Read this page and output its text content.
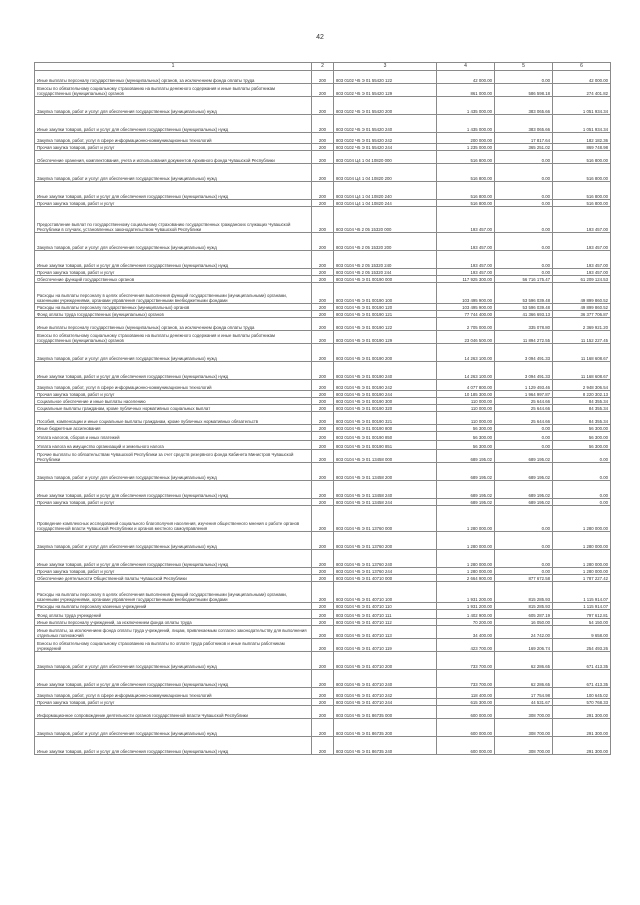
42
1	2	3	4	5	6
Иные выплаты персоналу государственных (муниципальных) органов, за исключением фонда оплаты труда	200	803 0102 Ч5 Э 01 55420 122	42 000.00	0.00	42 000.00
Взносы по обязательному социальному страхованию на выплаты денежного содержания и иные выплаты работникам государственных (муниципальных) органов	200	803 0102 Ч5 Э 01 55420 129	861 000.00	586 598.18	274 401.82
Закупка товаров, работ и услуг для обеспечения государственных (муниципальных) нужд	200	803 0102 Ч5 Э 01 55420 200	1 435 000.00	383 065.66	1 051 934.34
Иные закупки товаров, работ и услуг для обеспечения государственных (муниципальных) нужд	200	803 0102 Ч5 Э 01 55420 240	1 435 000.00	383 065.66	1 051 934.34
Закупка товаров, работ, услуг в сфере информационно-коммуникационных технологий	200	803 0102 Ч5 Э 01 55420 242	200 000.00	17 817.64	182 182.36
Прочая закупка товаров, работ и услуг	200	803 0102 Ч5 Э 01 55420 244	1 235 000.00	365 251.02	869 748.98
Обеспечение хранения, комплектования, учета и использования документов Архивного фонда Чувашской Республики	200	803 0104 Ц4 1 04 10820 000	516 800.00	0.00	516 800.00
Закупка товаров, работ и услуг для обеспечения государственных (муниципальных) нужд	200	803 0104 Ц4 1 04 10820 200	516 800.00	0.00	516 800.00
Иные закупки товаров, работ и услуг для обеспечения государственных (муниципальных) нужд	200	803 0104 Ц4 1 04 10820 240	516 800.00	0.00	516 800.00
Прочая закупка товаров, работ и услуг	200	803 0104 Ц4 1 04 10820 244	516 800.00	0.00	516 800.00
Предоставление выплат по государственному социальному страхованию государственных гражданских служащих Чувашской Республики в случаях, установленных законодательством Чувашской Республики	200	803 0104 Ч5 2 05 15320 000	193 457.00	0.00	193 457.00
Закупка товаров, работ и услуг для обеспечения государственных (муниципальных) нужд	200	803 0104 Ч5 2 05 15320 200	193 457.00	0.00	193 457.00
Иные закупки товаров, работ и услуг для обеспечения государственных (муниципальных) нужд	200	803 0104 Ч5 2 05 15320 240	193 457.00	0.00	193 457.00
Прочая закупка товаров, работ и услуг	200	803 0104 Ч5 2 05 15320 244	193 457.00	0.00	193 457.00
Обеспечение функций государственных органов	200	803 0104 Ч5 Э 01 00190 000	117 925 300.00	56 716 175.47	61 209 124.53
Расходы на выплаты персоналу в целях обеспечения выполнения функций государственными (муниципальными) органами, казенными учреждениями, органами управления государственными внебюджетными фондами	200	803 0104 Ч5 Э 01 00190 100	103 495 900.00	53 596 039.48	49 899 860.52
Расходы на выплаты персоналу государственных (муниципальных) органов	200	803 0104 Ч5 Э 01 00190 120	103 495 900.00	53 596 039.48	49 899 860.52
Фонд оплаты труда государственных (муниципальных) органов	200	803 0104 Ч5 Э 01 00190 121	77 744 400.00	41 366 693.13	36 377 706.87
Иные выплаты персоналу государственных (муниципальных) органов, за исключением фонда оплаты труда	200	803 0104 Ч5 Э 01 00190 122	2 705 000.00	335 078.80	2 369 921.20
Взносы по обязательному социальному страхованию на выплаты денежного содержания и иные выплаты работникам государственных (муниципальных) органов	200	803 0104 Ч5 Э 01 00190 129	23 046 500.00	11 894 272.55	11 152 227.45
Закупка товаров, работ и услуг для обеспечения государственных (муниципальных) нужд	200	803 0104 Ч5 Э 01 00190 200	14 263 100.00	3 094 491.33	11 168 608.67
Иные закупки товаров, работ и услуг для обеспечения государственных (муниципальных) нужд	200	803 0104 Ч5 Э 01 00190 240	14 263 100.00	3 094 491.33	11 168 608.67
Закупка товаров, работ, услуг в сфере информационно-коммуникационных технологий	200	803 0104 Ч5 Э 01 00190 242	4 077 800.00	1 129 493.46	2 948 306.54
Прочая закупка товаров, работ и услуг	200	803 0104 Ч5 Э 01 00190 244	10 185 300.00	1 964 997.87	8 220 302.13
Социальное обеспечение и иные выплаты населению	200	803 0104 Ч5 Э 01 00190 300	110 000.00	25 644.66	84 355.34
Социальные выплаты гражданам, кроме публичных нормативных социальных выплат	200	803 0104 Ч5 Э 01 00190 320	110 000.00	25 644.66	84 355.34
Пособия, компенсации и иные социальные выплаты гражданам, кроме публичных нормативных обязательств	200	803 0104 Ч5 Э 01 00190 321	110 000.00	25 644.66	84 355.34
Иные бюджетные ассигнования	200	803 0104 Ч5 Э 01 00190 800	56 300.00	0.00	56 300.00
Уплата налогов, сборов и иных платежей	200	803 0104 Ч5 Э 01 00190 850	56 300.00	0.00	56 300.00
Уплата налога на имущество организаций и земельного налога	200	803 0104 Ч5 Э 01 00190 851	56 300.00	0.00	56 300.00
Прочие выплаты по обязательствам Чувашской Республики за счет средств резервного фонда Кабинета Министров Чувашской Республики	200	803 0104 Ч5 Э 01 13458 000	689 195.02	689 195.02	0.00
Закупка товаров, работ и услуг для обеспечения государственных (муниципальных) нужд	200	803 0104 Ч5 Э 01 13458 200	689 195.02	689 195.02	0.00
Иные закупки товаров, работ и услуг для обеспечения государственных (муниципальных) нужд	200	803 0104 Ч5 Э 01 13458 240	689 195.02	689 195.02	0.00
Прочая закупка товаров, работ и услуг	200	803 0104 Ч5 Э 01 13458 244	689 195.02	689 195.02	0.00
Проведение комплексных исследований социального благополучия населения, изучения общественного мнения о работе органов государственной власти Чувашской Республики и органов местного самоуправления	200	803 0104 Ч5 Э 01 13760 000	1 280 000.00	0.00	1 280 000.00
Закупка товаров, работ и услуг для обеспечения государственных (муниципальных) нужд	200	803 0104 Ч5 Э 01 13760 200	1 280 000.00	0.00	1 280 000.00
Иные закупки товаров, работ и услуг для обеспечения государственных (муниципальных) нужд	200	803 0104 Ч5 Э 01 13760 240	1 280 000.00	0.00	1 280 000.00
Прочая закупка товаров, работ и услуг	200	803 0104 Ч5 Э 01 13760 244	1 280 000.00	0.00	1 280 000.00
Обеспечение деятельности Общественной палаты Чувашской Республики	200	803 0104 Ч5 Э 01 40710 000	2 664 900.00	877 672.58	1 787 227.42
Расходы на выплаты персоналу в целях обеспечения выполнения функций государственными (муниципальными) органами, казенными учреждениями, органами управления государственными внебюджетными фондами	200	803 0104 Ч5 Э 01 40710 100	1 931 200.00	815 285.93	1 115 914.07
Расходы на выплаты персоналу казенных учреждений	200	803 0104 Ч5 Э 01 40710 110	1 931 200.00	815 285.93	1 115 914.07
Фонд оплаты труда учреждений	200	803 0104 Ч5 Э 01 40710 111	1 402 900.00	605 287.19	797 612.81
Иные выплаты персоналу учреждений, за исключением фонда оплаты труда	200	803 0104 Ч5 Э 01 40710 112	70 200.00	16 050.00	54 150.00
Иные выплаты, за исключением фонда оплаты труда учреждений, лицам, привлекаемым согласно законодательству для выполнения отдельных полномочий	200	803 0104 Ч5 Э 01 40710 113	34 400.00	24 742.00	9 658.00
Взносы по обязательному социальному страхованию на выплаты по оплате труда работников и иные выплаты работникам учреждений	200	803 0104 Ч5 Э 01 40710 119	423 700.00	169 206.74	254 493.26
Закупка товаров, работ и услуг для обеспечения государственных (муниципальных) нужд	200	803 0104 Ч5 Э 01 40710 200	733 700.00	62 286.65	671 413.35
Иные закупки товаров, работ и услуг для обеспечения государственных (муниципальных) нужд	200	803 0104 Ч5 Э 01 40710 240	733 700.00	62 286.65	671 413.35
Закупка товаров, работ, услуг в сфере информационно-коммуникационных технологий	200	803 0104 Ч5 Э 01 40710 242	118 400.00	17 754.98	100 645.02
Прочая закупка товаров, работ и услуг	200	803 0104 Ч5 Э 01 40710 244	615 300.00	44 531.67	570 768.33
Информационное сопровождение деятельности органов государственной власти Чувашской Республики	200	803 0104 Ч5 Э 01 86735 000	600 000.00	308 700.00	291 300.00
Закупка товаров, работ и услуг для обеспечения государственных (муниципальных) нужд	200	803 0104 Ч5 Э 01 86735 200	600 000.00	308 700.00	291 300.00
Иные закупки товаров, работ и услуг для обеспечения государственных (муниципальных) нужд	200	803 0104 Ч5 Э 01 86735 240	600 000.00	308 700.00	291 300.00
